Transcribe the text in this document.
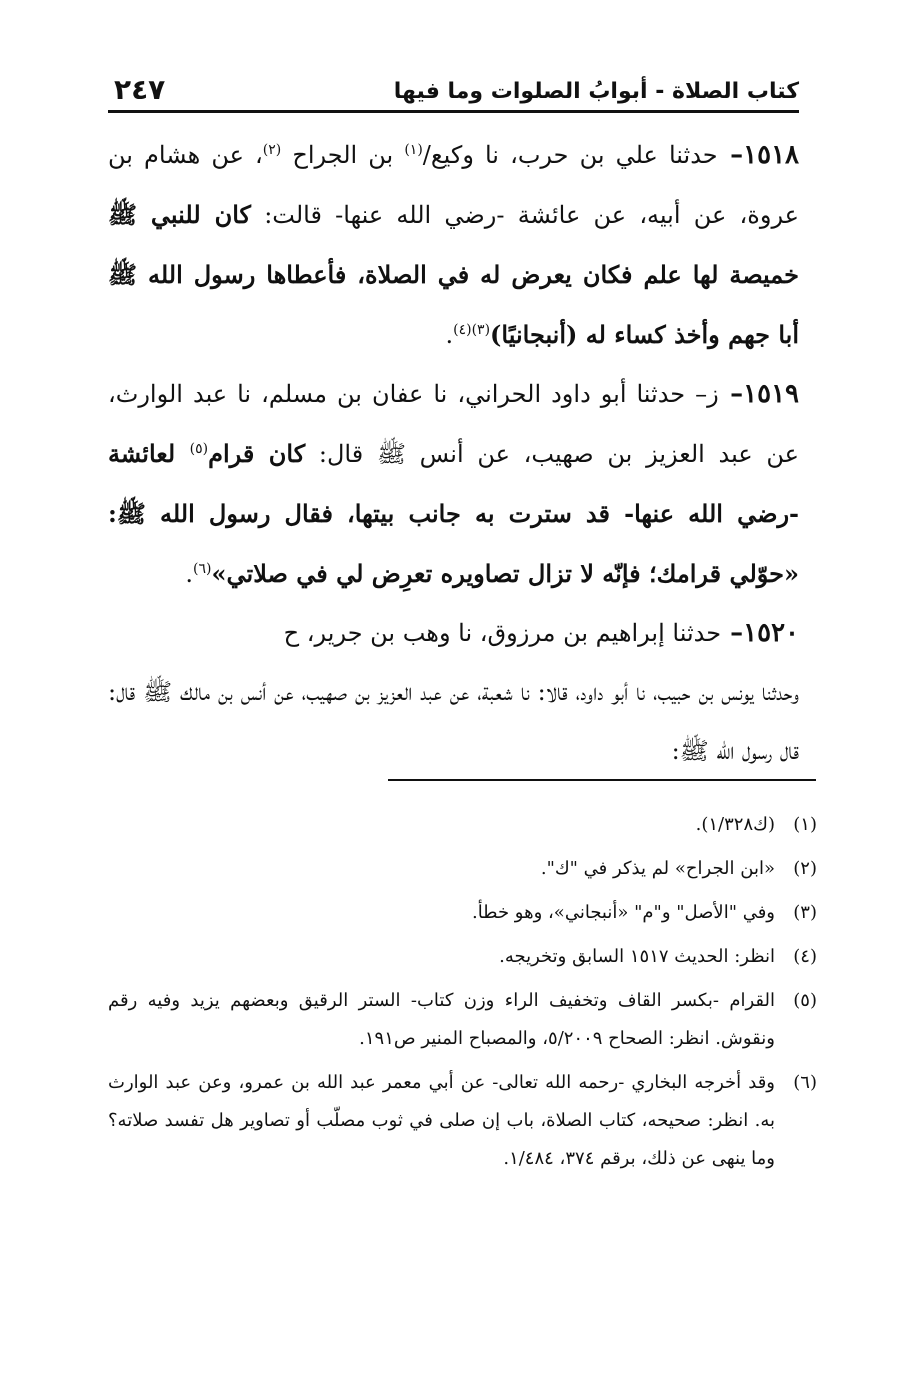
كتاب الصلاة - أبوابُ الصلوات وما فيها
٢٤٧

١٥١٨– حدثنا علي بن حرب، نا وكيع/$^{(١)}$ بن الجراح $^{(٢)}$، عن هشام بن عروة، عن أبيه، عن عائشة -رضي الله عنها- قالت: كان للنبي ﷺ خميصة لها علم فكان يعرض له في الصلاة، فأعطاها رسول الله ﷺ أبا جهم وأخذ كساء له (أنبجانيًا)$^{(٣)(٤)}$.

١٥١٩– ز– حدثنا أبو داود الحراني، نا عفان بن مسلم، نا عبد الوارث، عن عبد العزيز بن صهيب، عن أنس ﷺ قال: كان قرام$^{(٥)}$ لعائشة -رضي الله عنها- قد سترت به جانب بيتها، فقال رسول الله ﷺ: «حوّلي قرامك؛ فإنّه لا تزال تصاويره تعرِض لي في صلاتي»$^{(٦)}$.

١٥٢٠– حدثنا إبراهيم بن مرزوق، نا وهب بن جرير، ح

وحدثنا يونس بن حبيب، نا أبو داود، قالا: نا شعبة، عن عبد العزيز بن صهيب، عن أنس بن مالك ﷺ قال: قال رسول الله ﷺ:

(١)(ك١/٣٢٨).

(٢)«ابن الجراح» لم يذكر في "ك".

(٣)وفي "الأصل" و"م" «أنبجاني»، وهو خطأ.

(٤)انظر: الحديث ١٥١٧ السابق وتخريجه.

(٥)القرام -بكسر القاف وتخفيف الراء وزن كتاب- الستر الرقيق وبعضهم يزيد وفيه رقم ونقوش. انظر: الصحاح ٥/٢٠٠٩، والمصباح المنير ص١٩١.

(٦)وقد أخرجه البخاري -رحمه الله تعالى- عن أبي معمر عبد الله بن عمرو، وعن عبد الوارث به. انظر: صحيحه، كتاب الصلاة، باب إن صلى في ثوب مصلّب أو تصاوير هل تفسد صلاته؟ وما ينهى عن ذلك، برقم ٣٧٤، ١/٤٨٤.
